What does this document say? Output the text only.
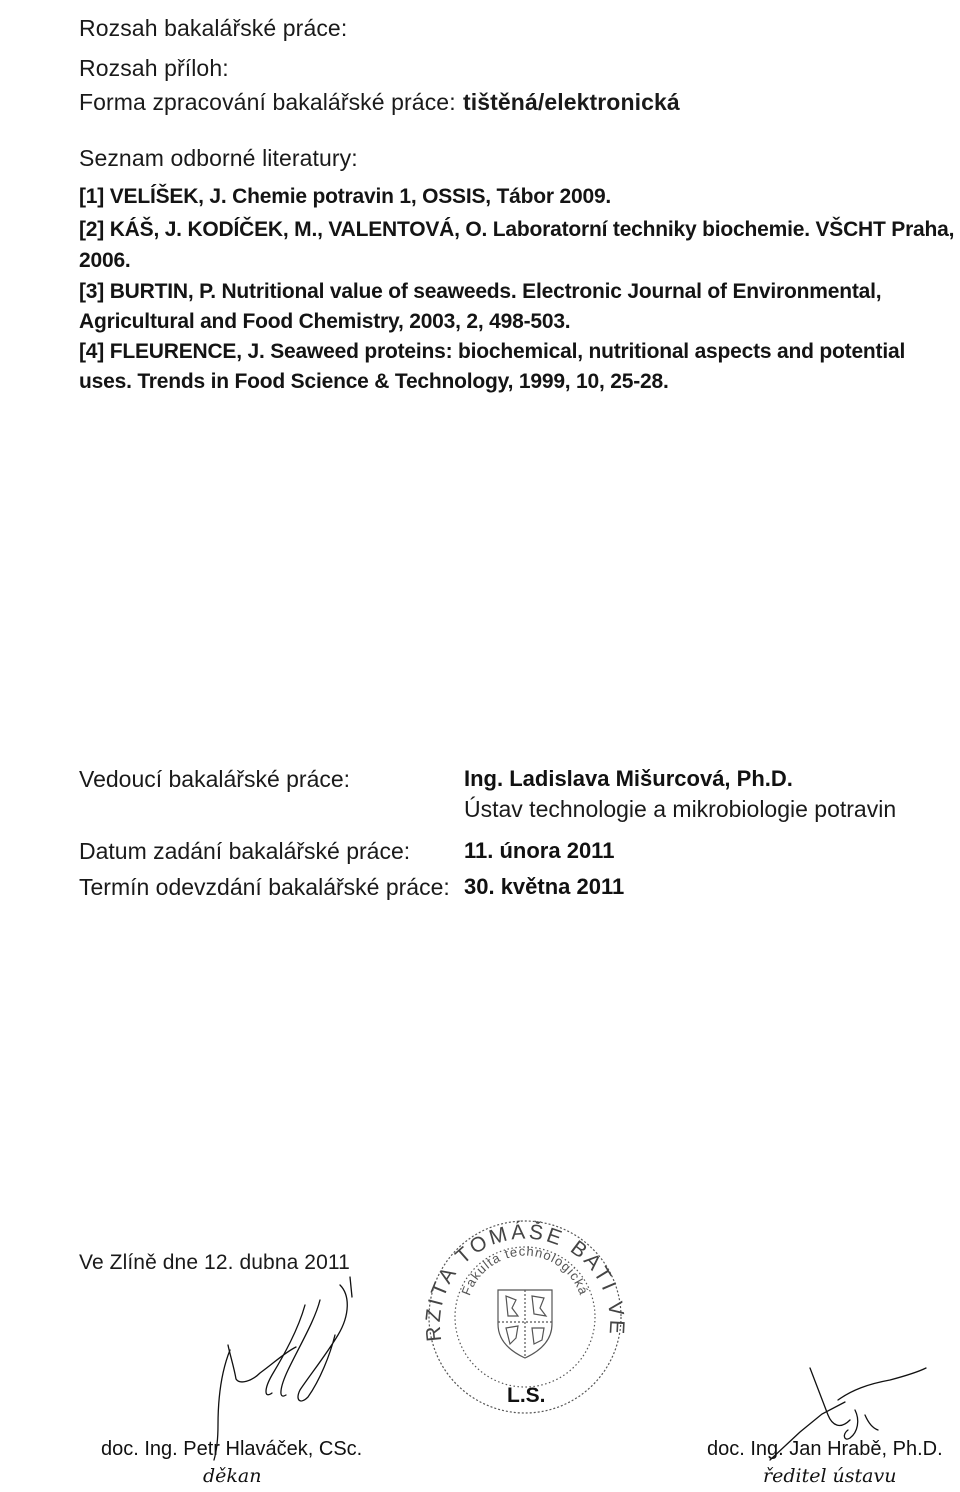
Rozsah bakalářské práce:
Rozsah příloh:
Forma zpracování bakalářské práce: tištěná/elektronická
Seznam odborné literatury:
[1] VELÍŠEK, J. Chemie potravin 1, OSSIS, Tábor 2009.
[2] KÁŠ, J. KODÍČEK, M., VALENTOVÁ, O. Laboratorní techniky biochemie. VŠCHT Praha,
2006.
[3] BURTIN, P. Nutritional value of seaweeds. Electronic Journal of Environmental,
Agricultural and Food Chemistry, 2003, 2, 498-503.
[4] FLEURENCE, J. Seaweed proteins: biochemical, nutritional aspects and potential
uses. Trends in Food Science & Technology, 1999, 10, 25-28.
Vedoucí bakalářské práce:	Ing. Ladislava Mišurcová, Ph.D.
Ústav technologie a mikrobiologie potravin
Datum zadání bakalářské práce: 11. února 2011
Termín odevzdání bakalářské práce: 30. května 2011
Ve Zlíně dne 12. dubna 2011
doc. Ing. Petr Hlaváček, CSc.
děkan
UNIVERZITA TOMÁŠE BATI VE ZLÍNĚ
Fakulta technologická
L.S.
doc. Ing. Jan Hrabě, Ph.D.
ředitel ústavu
